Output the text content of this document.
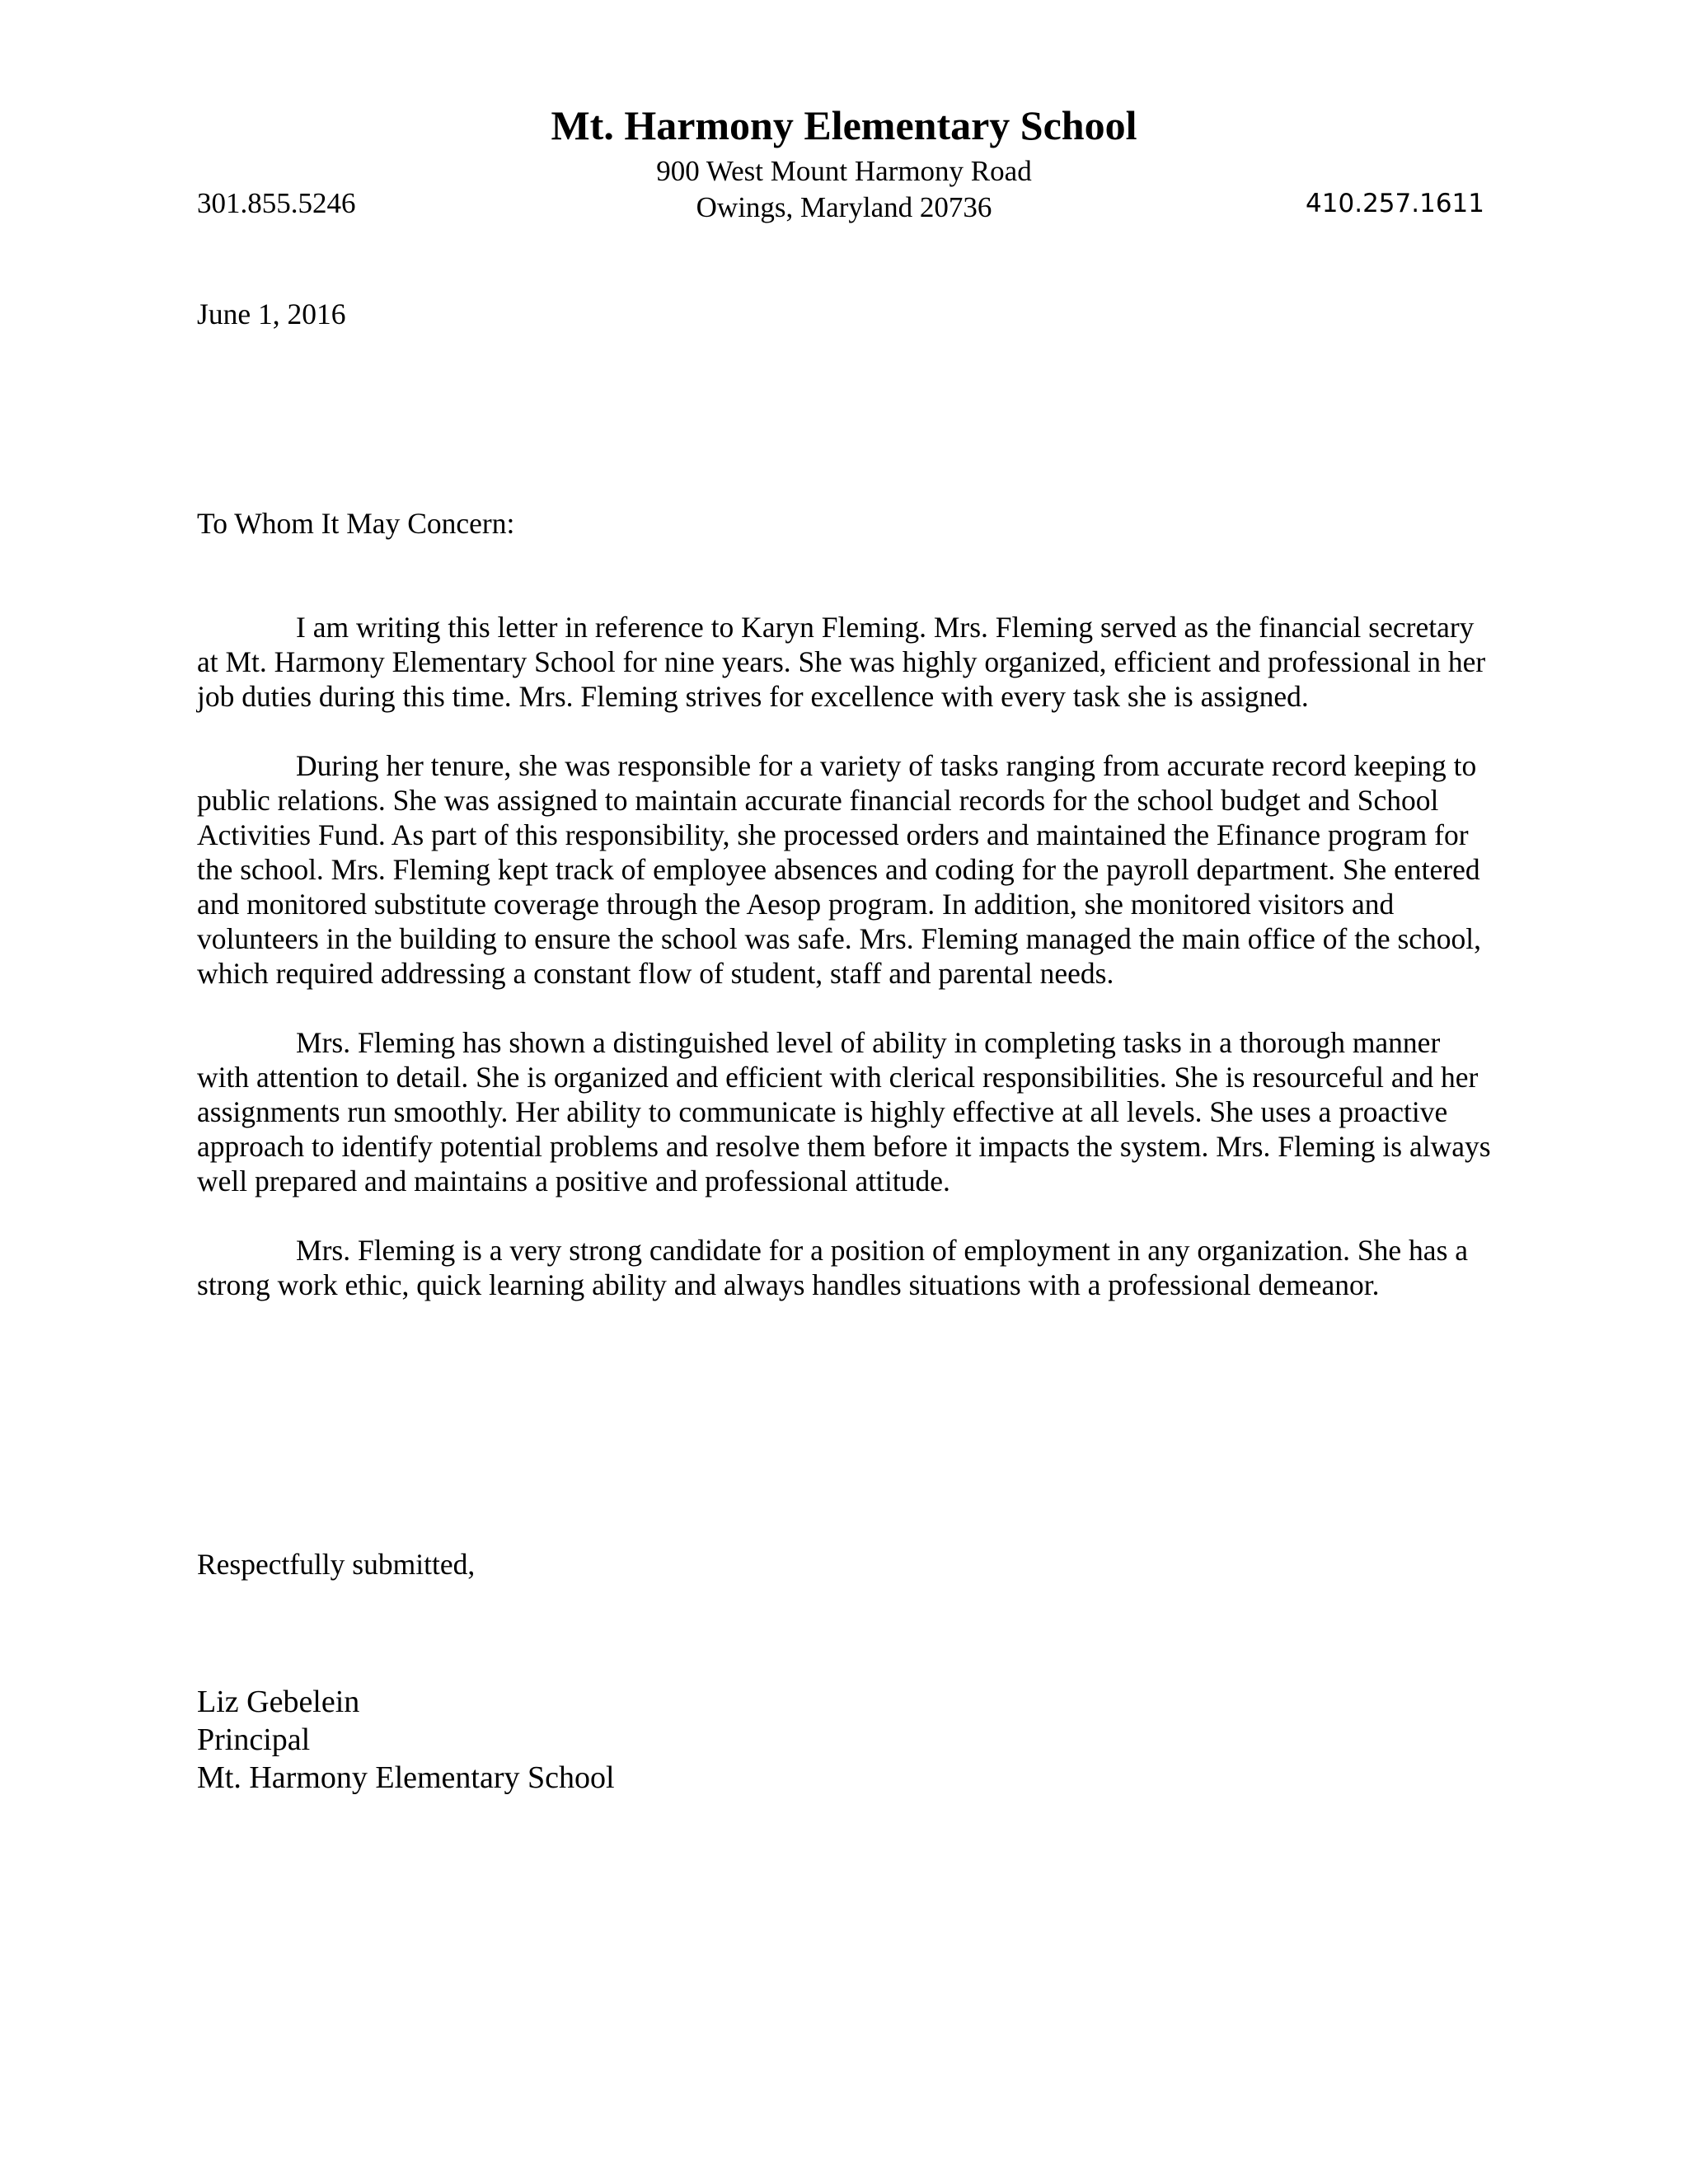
Mt. Harmony Elementary School
900 West Mount Harmony Road
Owings, Maryland 20736
301.855.5246	410.257.1611
June 1, 2016
To Whom It May Concern:

I am writing this letter in reference to Karyn Fleming. Mrs. Fleming served as the financial secretary at Mt. Harmony Elementary School for nine years. She was highly organized, efficient and professional in her job duties during this time. Mrs. Fleming strives for excellence with every task she is assigned.

During her tenure, she was responsible for a variety of tasks ranging from accurate record keeping to public relations. She was assigned to maintain accurate financial records for the school budget and School Activities Fund. As part of this responsibility, she processed orders and maintained the Efinance program for the school. Mrs. Fleming kept track of employee absences and coding for the payroll department. She entered and monitored substitute coverage through the Aesop program. In addition, she monitored visitors and volunteers in the building to ensure the school was safe. Mrs. Fleming managed the main office of the school, which required addressing a constant flow of student, staff and parental needs.

Mrs. Fleming has shown a distinguished level of ability in completing tasks in a thorough manner with attention to detail. She is organized and efficient with clerical responsibilities. She is resourceful and her assignments run smoothly. Her ability to communicate is highly effective at all levels. She uses a proactive approach to identify potential problems and resolve them before it impacts the system. Mrs. Fleming is always well prepared and maintains a positive and professional attitude.

Mrs. Fleming is a very strong candidate for a position of employment in any organization. She has a strong work ethic, quick learning ability and always handles situations with a professional demeanor.

Respectfully submitted,
Liz Gebelein
Principal
Mt. Harmony Elementary School
